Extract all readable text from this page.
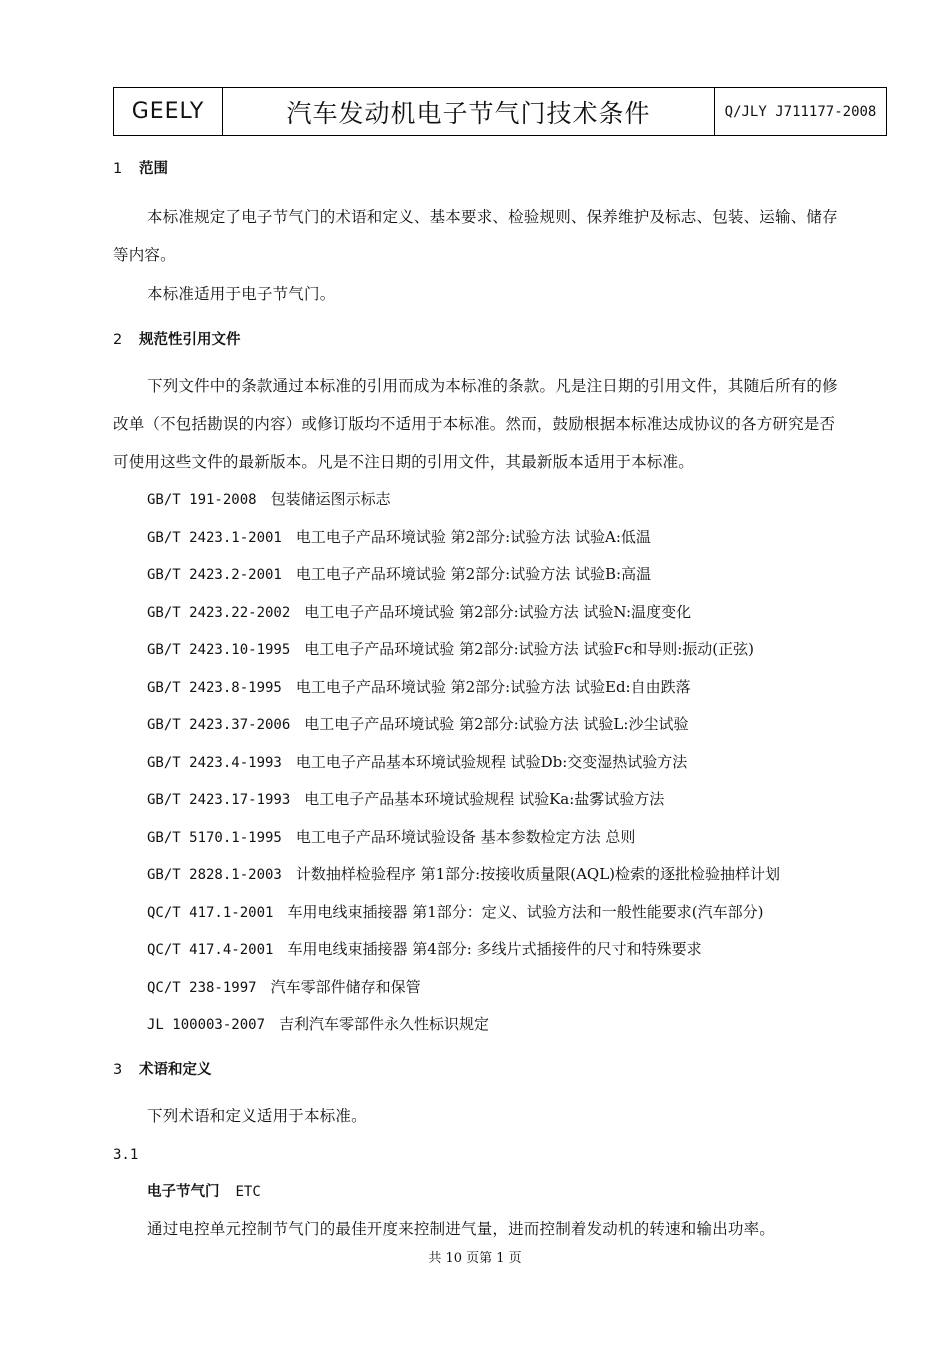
GEELY	汽车发动机电子节气门技术条件	Q/JLY J711177-2008
1 范围
本标准规定了电子节气门的术语和定义、基本要求、检验规则、保养维护及标志、包装、运输、储存
等内容。
本标准适用于电子节气门。
2 规范性引用文件
下列文件中的条款通过本标准的引用而成为本标准的条款。凡是注日期的引用文件，其随后所有的修
改单（不包括勘误的内容）或修订版均不适用于本标准。然而，鼓励根据本标准达成协议的各方研究是否
可使用这些文件的最新版本。凡是不注日期的引用文件，其最新版本适用于本标准。
GB/T 191-2008 包装储运图示标志
GB/T 2423.1-2001 电工电子产品环境试验 第2部分:试验方法 试验A:低温
GB/T 2423.2-2001 电工电子产品环境试验 第2部分:试验方法 试验B:高温
GB/T 2423.22-2002 电工电子产品环境试验 第2部分:试验方法 试验N:温度变化
GB/T 2423.10-1995 电工电子产品环境试验 第2部分:试验方法 试验Fc和导则:振动(正弦)
GB/T 2423.8-1995 电工电子产品环境试验 第2部分:试验方法 试验Ed:自由跌落
GB/T 2423.37-2006 电工电子产品环境试验 第2部分:试验方法 试验L:沙尘试验
GB/T 2423.4-1993 电工电子产品基本环境试验规程 试验Db:交变湿热试验方法
GB/T 2423.17-1993 电工电子产品基本环境试验规程 试验Ka:盐雾试验方法
GB/T 5170.1-1995 电工电子产品环境试验设备 基本参数检定方法 总则
GB/T 2828.1-2003 计数抽样检验程序 第1部分:按接收质量限(AQL)检索的逐批检验抽样计划
QC/T 417.1-2001 车用电线束插接器 第1部分：定义、试验方法和一般性能要求(汽车部分)
QC/T 417.4-2001 车用电线束插接器 第4部分: 多线片式插接件的尺寸和特殊要求
QC/T 238-1997 汽车零部件储存和保管
JL 100003-2007 吉利汽车零部件永久性标识规定
3 术语和定义
下列术语和定义适用于本标准。
3.1
电子节气门 ETC
通过电控单元控制节气门的最佳开度来控制进气量，进而控制着发动机的转速和输出功率。
共 10 页第 1 页
